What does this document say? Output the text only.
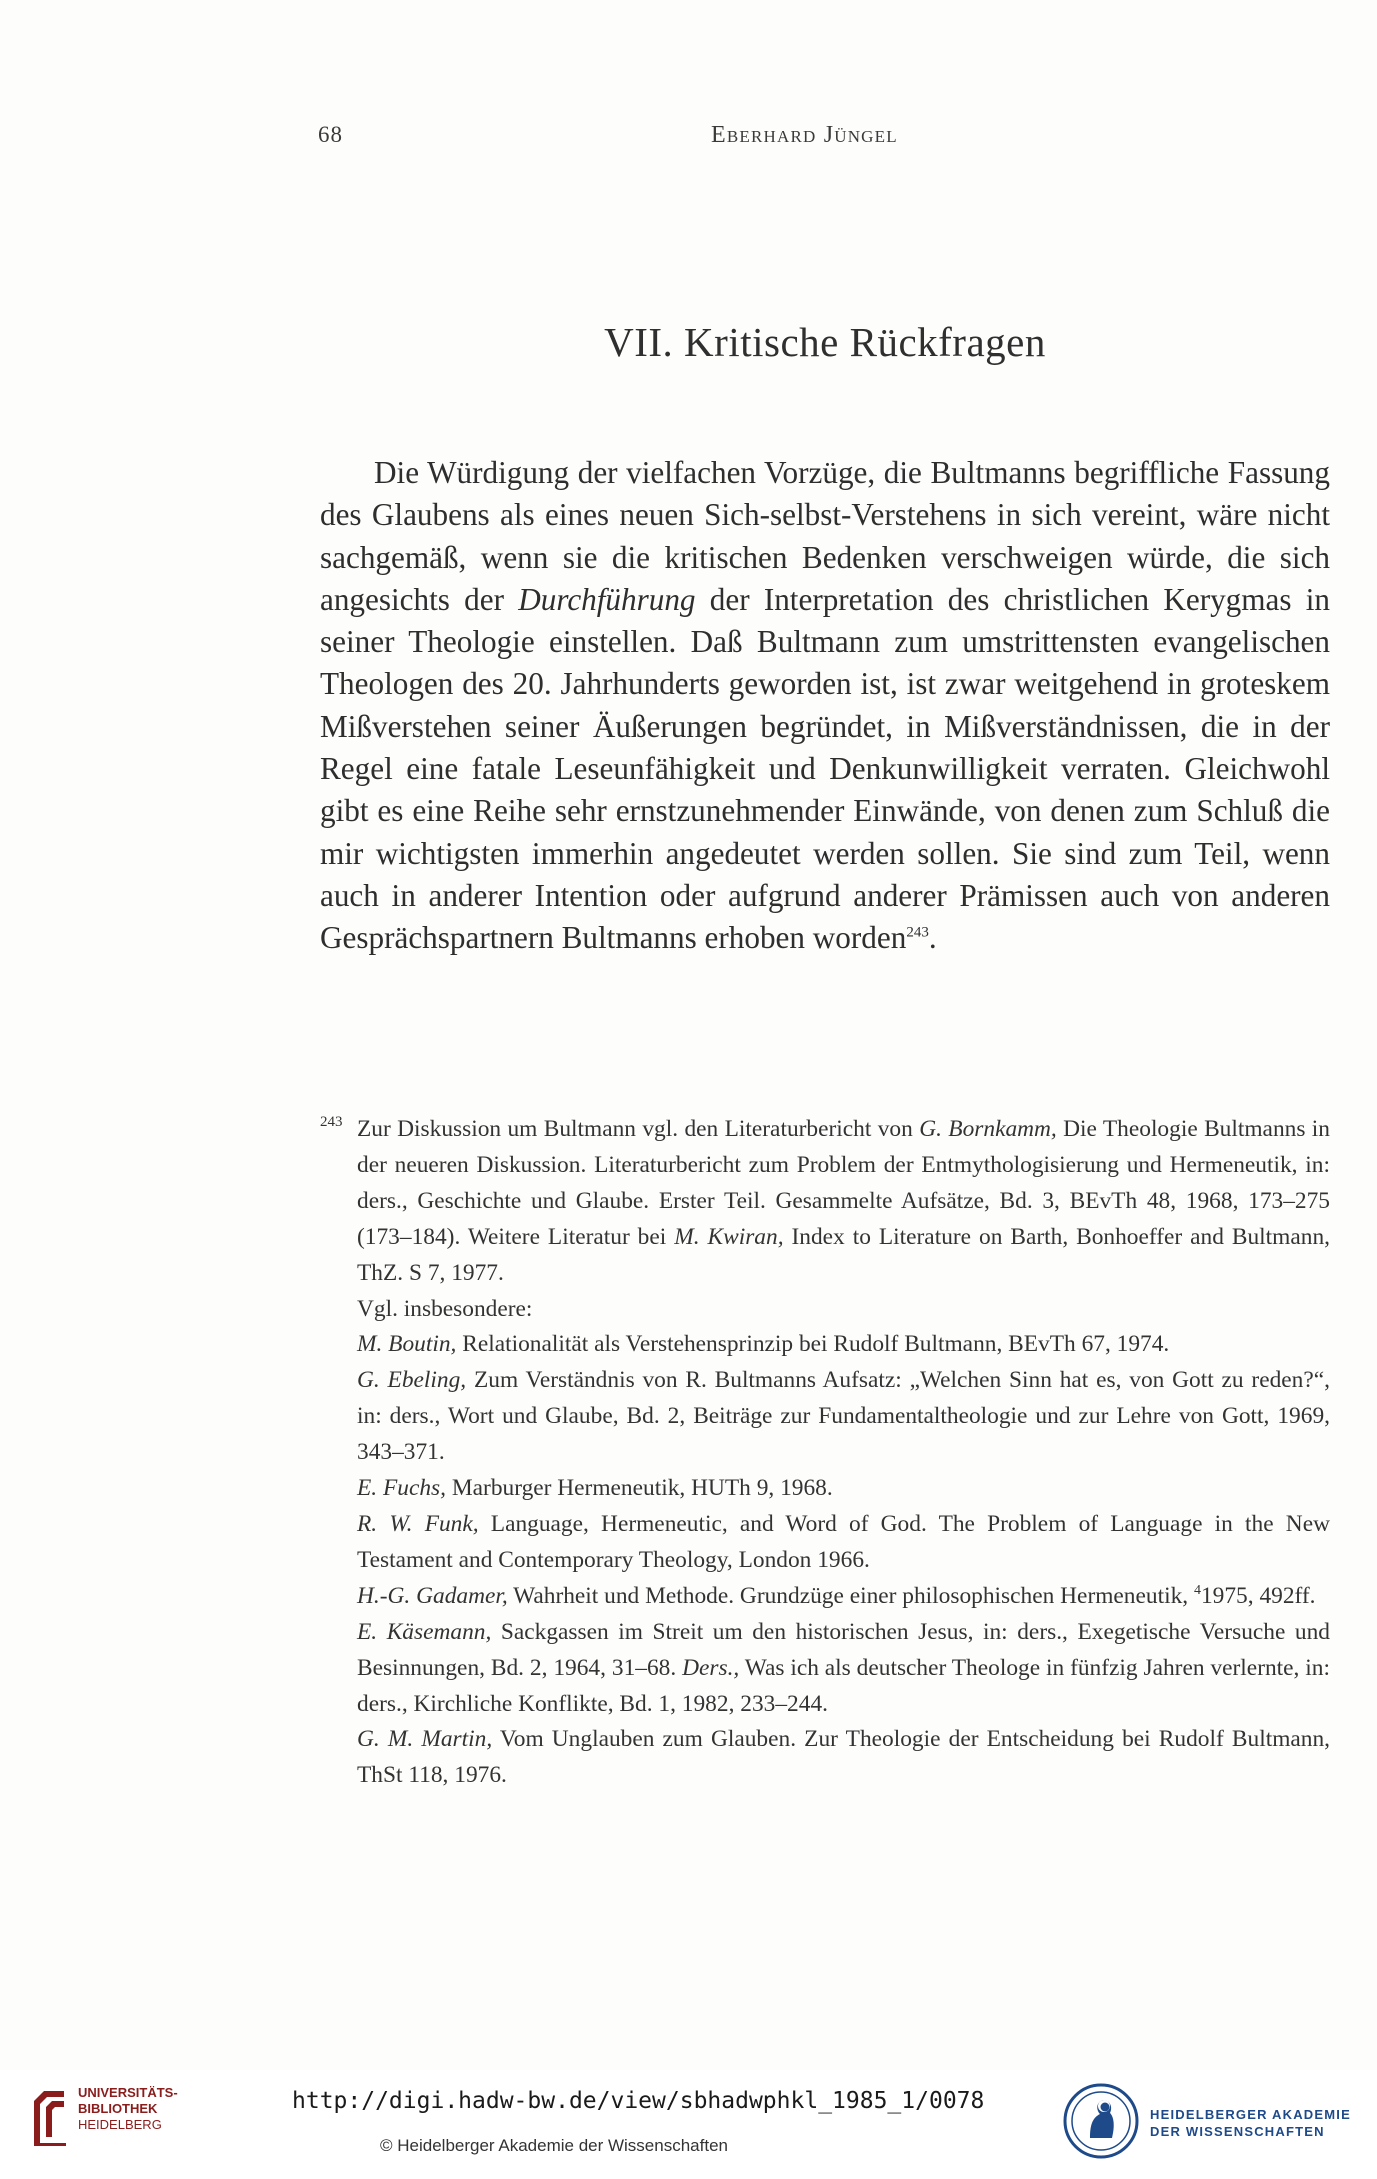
68	Eberhard Jüngel
VII. Kritische Rückfragen

Die Würdigung der vielfachen Vorzüge, die Bultmanns begriffliche Fassung des Glaubens als eines neuen Sich-selbst-Verstehens in sich vereint, wäre nicht sachgemäß, wenn sie die kritischen Bedenken verschweigen würde, die sich angesichts der Durchführung der Interpretation des christlichen Kerygmas in seiner Theologie einstellen. Daß Bultmann zum umstrittensten evangelischen Theologen des 20. Jahrhunderts geworden ist, ist zwar weitgehend in groteskem Mißverstehen seiner Äußerungen begründet, in Mißverständnissen, die in der Regel eine fatale Leseunfähigkeit und Denkunwilligkeit verraten. Gleichwohl gibt es eine Reihe sehr ernstzunehmender Einwände, von denen zum Schluß die mir wichtigsten immerhin angedeutet werden sollen. Sie sind zum Teil, wenn auch in anderer Intention oder aufgrund anderer Prämissen auch von anderen Gesprächspartnern Bultmanns erhoben worden$^{243}$.

243 Zur Diskussion um Bultmann vgl. den Literaturbericht von G. Bornkamm, Die Theologie Bultmanns in der neueren Diskussion. Literaturbericht zum Problem der Entmythologisierung und Hermeneutik, in: ders., Geschichte und Glaube. Erster Teil. Gesammelte Aufsätze, Bd. 3, BEvTh 48, 1968, 173–275 (173–184). Weitere Literatur bei M. Kwiran, Index to Literature on Barth, Bonhoeffer and Bultmann, ThZ. S 7, 1977.

Vgl. insbesondere:

M. Boutin, Relationalität als Verstehensprinzip bei Rudolf Bultmann, BEvTh 67, 1974.

G. Ebeling, Zum Verständnis von R. Bultmanns Aufsatz: „Welchen Sinn hat es, von Gott zu reden?“, in: ders., Wort und Glaube, Bd. 2, Beiträge zur Fundamentaltheologie und zur Lehre von Gott, 1969, 343–371.

E. Fuchs, Marburger Hermeneutik, HUTh 9, 1968.

R. W. Funk, Language, Hermeneutic, and Word of God. The Problem of Language in the New Testament and Contemporary Theology, London 1966.

H.-G. Gadamer, Wahrheit und Methode. Grundzüge einer philosophischen Hermeneutik, $^4$1975, 492ff.

E. Käsemann, Sackgassen im Streit um den historischen Jesus, in: ders., Exegetische Versuche und Besinnungen, Bd. 2, 1964, 31–68. Ders., Was ich als deutscher Theologe in fünfzig Jahren verlernte, in: ders., Kirchliche Konflikte, Bd. 1, 1982, 233–244.

G. M. Martin, Vom Unglauben zum Glauben. Zur Theologie der Entscheidung bei Rudolf Bultmann, ThSt 118, 1976.

UNIVERSITÄTS-
BIBLIOTHEK
HEIDELBERG
http://digi.hadw-bw.de/view/sbhadwphkl_1985_1/0078
© Heidelberger Akademie der Wissenschaften
HEIDELBERGER AKADEMIE
DER WISSENSCHAFTEN
